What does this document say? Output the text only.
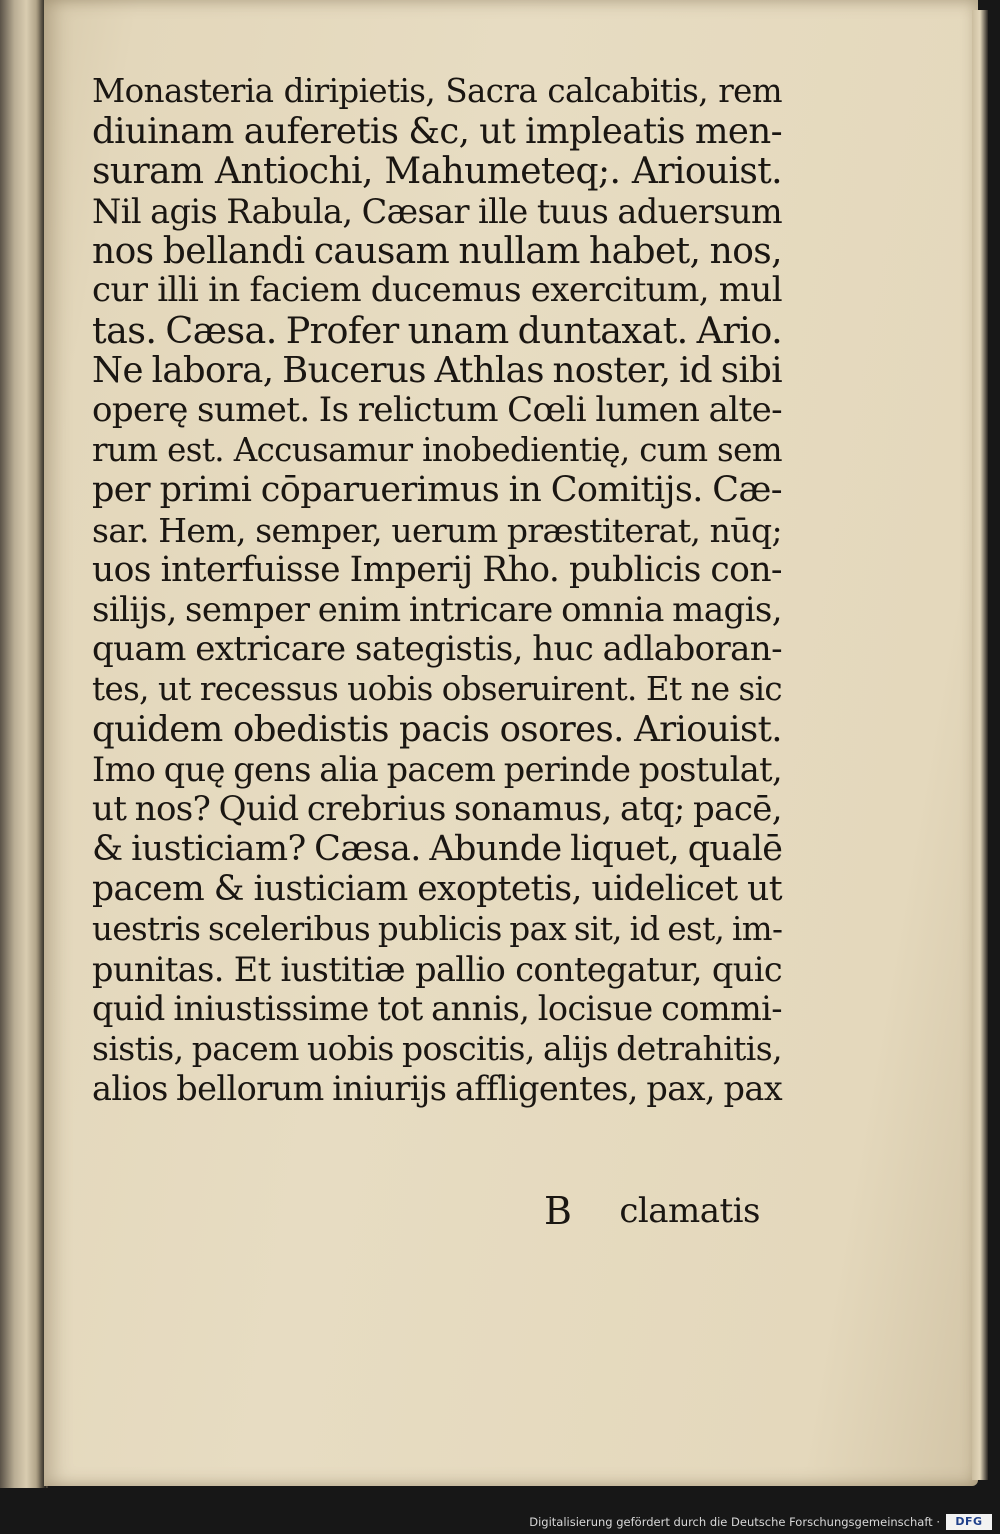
Monasteria diripietis, Sacra calcabitis, rem
diuinam auferetis &c, ut impleatis men-
suram Antiochi, Mahumeteq;. Ariouist.
Nil agis Rabula, Cæsar ille tuus aduersum
nos bellandi causam nullam habet, nos,
cur illi in faciem ducemus exercitum, mul
tas. Cæsa. Profer unam duntaxat. Ario.
Ne labora, Bucerus Athlas noster, id sibi
operę sumet. Is relictum Cœli lumen alte-
rum est. Accusamur inobedientię, cum sem
per primi cōparuerimus in Comitijs. Cæ-
sar. Hem, semper, uerum præstiterat, nūq;
uos interfuisse Imperij Rho. publicis con-
silijs, semper enim intricare omnia magis,
quam extricare sategistis, huc adlaboran-
tes, ut recessus uobis obseruirent. Et ne sic
quidem obedistis pacis osores. Ariouist.
Imo quę gens alia pacem perinde postulat,
ut nos? Quid crebrius sonamus, atq; pacē,
& iusticiam? Cæsa. Abunde liquet, qualē
pacem & iusticiam exoptetis, uidelicet ut
uestris sceleribus publicis pax sit, id est, im-
punitas. Et iustitiæ pallio contegatur, quic
quid iniustissime tot annis, locisue commi-
sistis, pacem uobis poscitis, alijs detrahitis,
alios bellorum iniurijs affligentes, pax, pax
B clamatis
Digitalisierung gefördert durch die Deutsche Forschungsgemeinschaft ·	DFG
